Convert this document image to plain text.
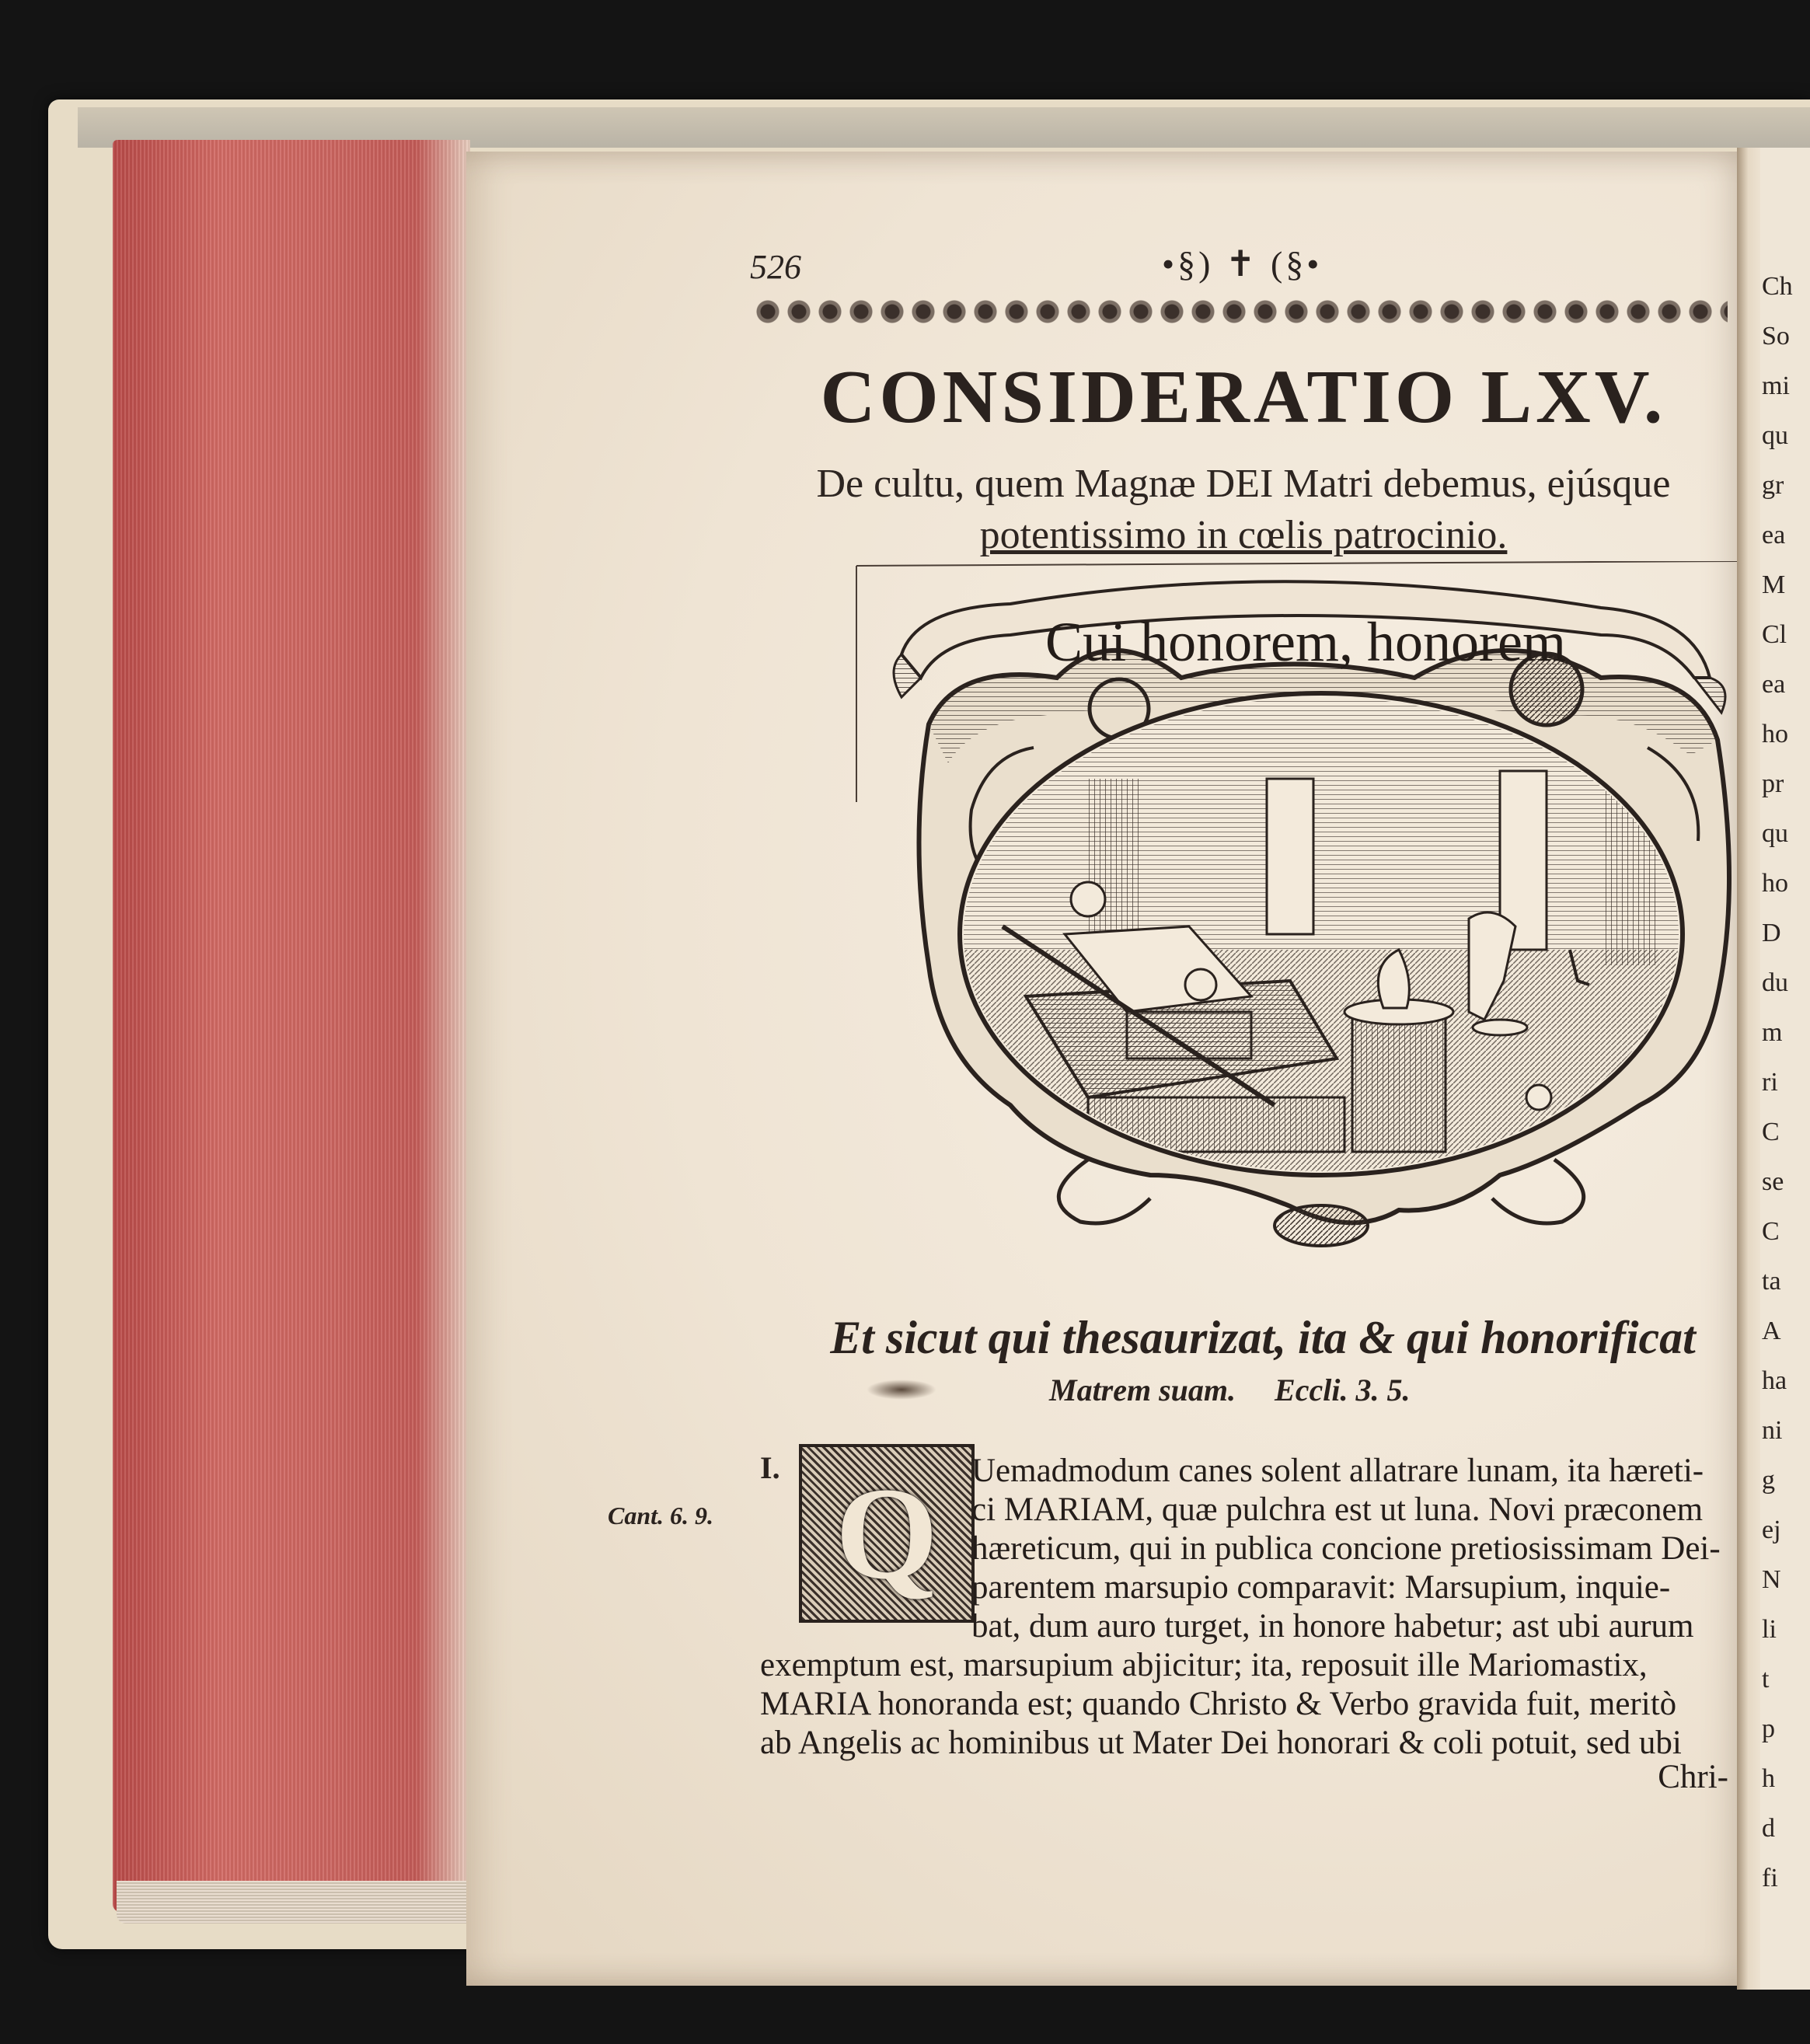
Ch
So
mi
qu
gr
ea
M
Cl
ea
ho
pr
qu
ho
D
du
m
ri
C
se
C
ta
A
ha
ni
g
ej
N
li
t
p
h
d
fi
526	•§) ✝ (§•
CONSIDERATIO LXV.
De cultu, quem Magnæ DEI Matri debemus, ejúsque
potentissimo in cœlis patrocinio.
Cui honorem, honorem
Et sicut qui thesaurizat, ita & qui honorificat
Matrem suam. Eccli. 3. 5.
I.
Cant. 6. 9. Q Uemadmodum canes solent allatrare lunam, ita hæreti-
ci MARIAM, quæ pulchra est ut luna. Novi præconem
hæreticum, qui in publica concione pretiosissimam Dei-
parentem marsupio comparavit: Marsupium, inquie-
bat, dum auro turget, in honore habetur; ast ubi aurum
exemptum est, marsupium abjicitur; ita, reposuit ille Mariomastix,
MARIA honoranda est; quando Christo & Verbo gravida fuit, meritò
ab Angelis ac hominibus ut Mater Dei honorari & coli potuit, sed ubi
Chri-
